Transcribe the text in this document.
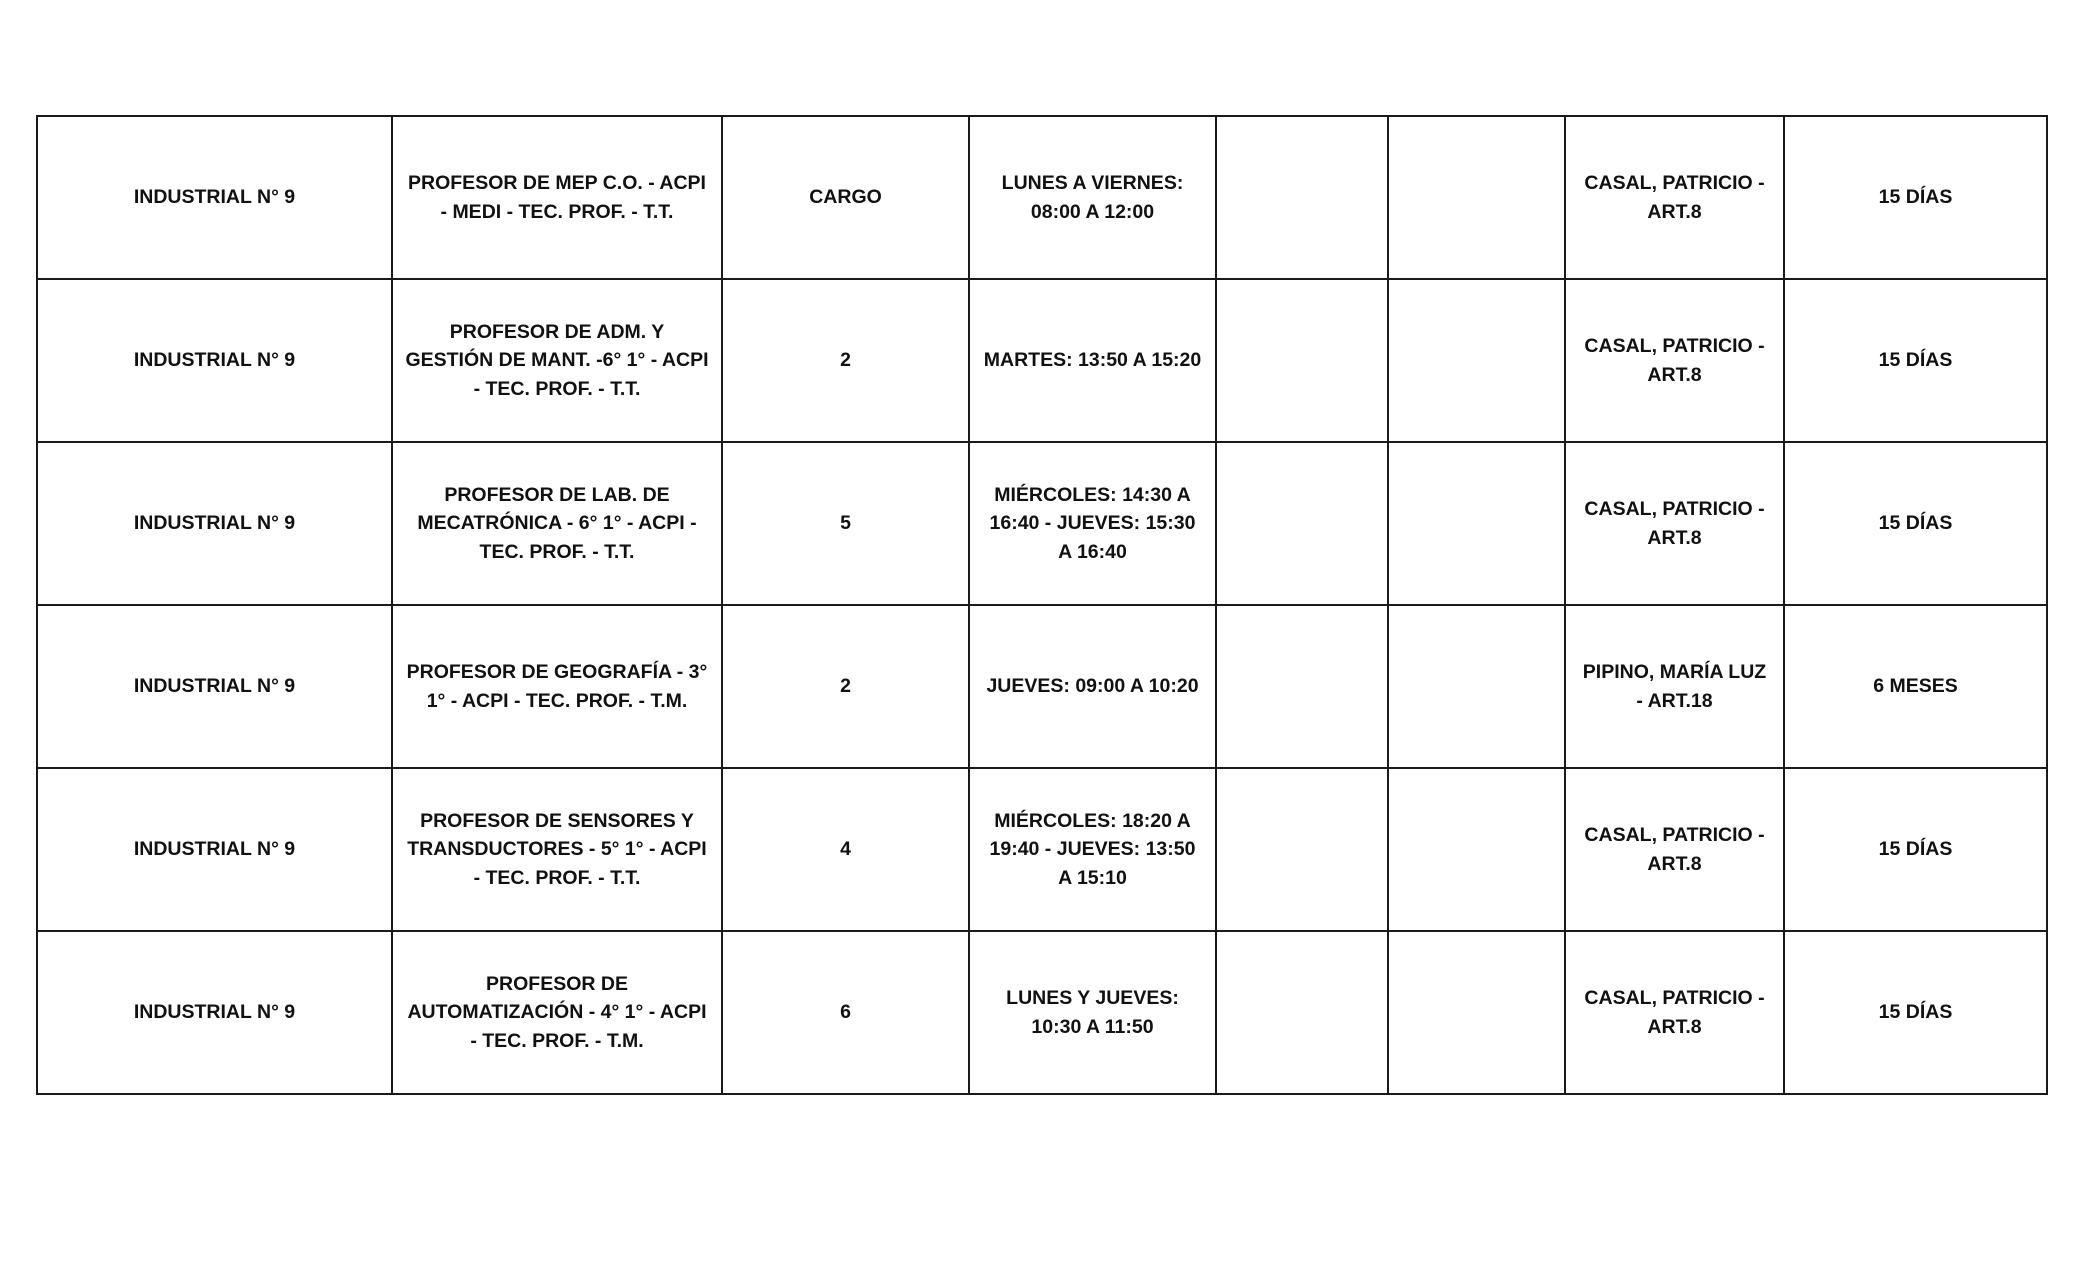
INDUSTRIAL N° 9	PROFESOR DE MEP C.O. - ACPI - MEDI - TEC. PROF. - T.T.	CARGO	LUNES A VIERNES: 08:00 A 12:00			CASAL, PATRICIO - ART.8	15 DÍAS
INDUSTRIAL N° 9	PROFESOR DE ADM. Y GESTIÓN DE MANT. -6° 1° - ACPI - TEC. PROF. - T.T.	2	MARTES: 13:50 A 15:20			CASAL, PATRICIO - ART.8	15 DÍAS
INDUSTRIAL N° 9	PROFESOR DE LAB. DE MECATRÓNICA - 6° 1° - ACPI - TEC. PROF. - T.T.	5	MIÉRCOLES: 14:30 A 16:40 - JUEVES: 15:30 A 16:40			CASAL, PATRICIO - ART.8	15 DÍAS
INDUSTRIAL N° 9	PROFESOR DE GEOGRAFÍA - 3° 1° - ACPI - TEC. PROF. - T.M.	2	JUEVES: 09:00 A 10:20			PIPINO, MARÍA LUZ - ART.18	6 MESES
INDUSTRIAL N° 9	PROFESOR DE SENSORES Y TRANSDUCTORES - 5° 1° - ACPI - TEC. PROF. - T.T.	4	MIÉRCOLES: 18:20 A 19:40 - JUEVES: 13:50 A 15:10			CASAL, PATRICIO - ART.8	15 DÍAS
INDUSTRIAL N° 9	PROFESOR DE AUTOMATIZACIÓN - 4° 1° - ACPI - TEC. PROF. - T.M.	6	LUNES Y JUEVES: 10:30 A 11:50			CASAL, PATRICIO - ART.8	15 DÍAS
